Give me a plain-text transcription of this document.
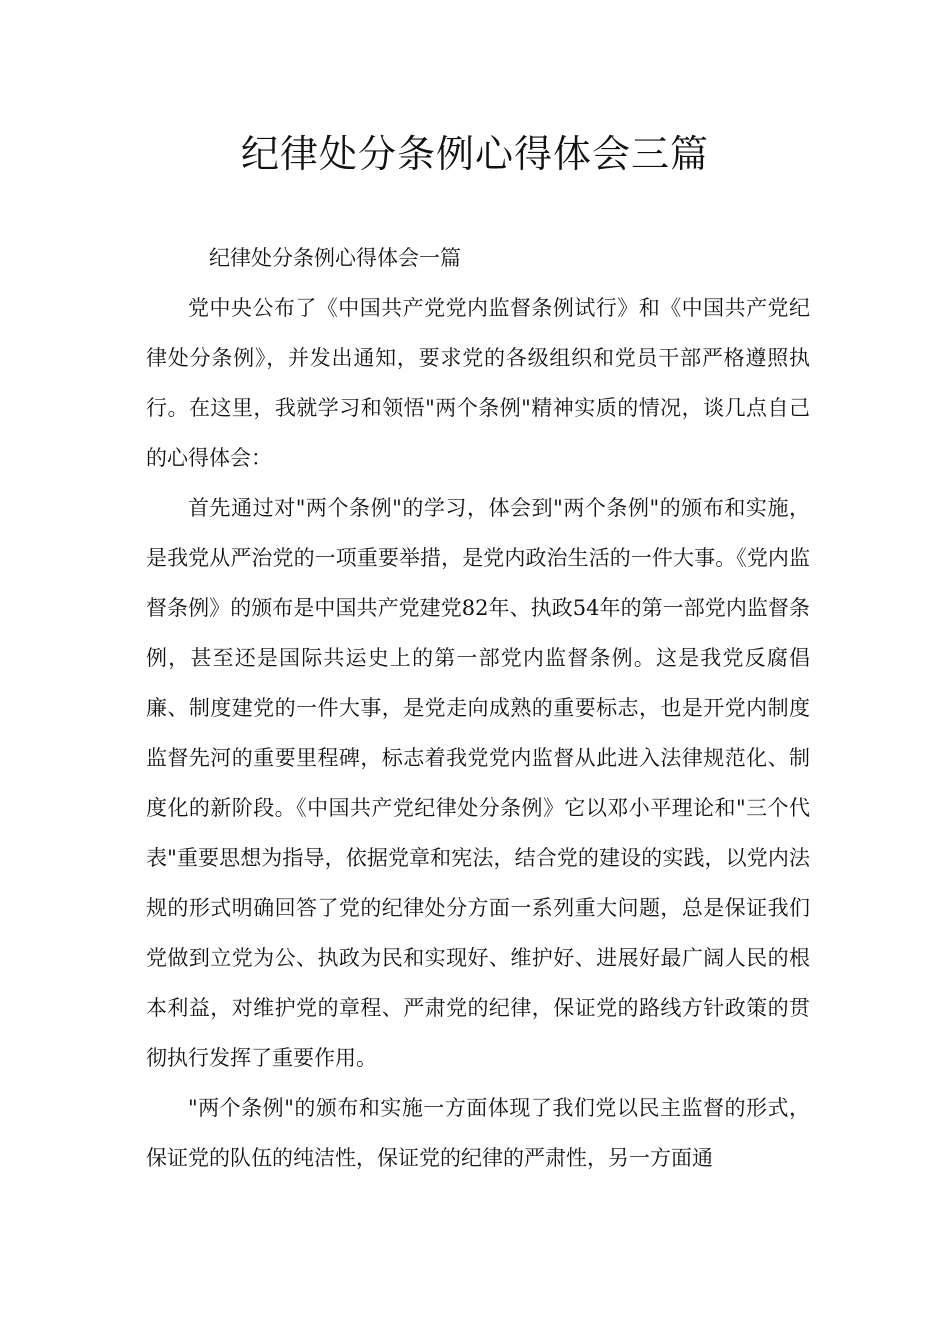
纪律处分条例心得体会三篇
纪律处分条例心得体会一篇

党中央公布了《中国共产党党内监督条例试行》和《中国共产党纪律处分条例》，并发出通知，要求党的各级组织和党员干部严格遵照执行。在这里，我就学习和领悟"两个条例"精神实质的情况，谈几点自己的心得体会：

首先通过对"两个条例"的学习，体会到"两个条例"的颁布和实施，是我党从严治党的一项重要举措，是党内政治生活的一件大事。《党内监督条例》的颁布是中国共产党建党82年、执政54年的第一部党内监督条例，甚至还是国际共运史上的第一部党内监督条例。这是我党反腐倡廉、制度建党的一件大事，是党走向成熟的重要标志，也是开党内制度监督先河的重要里程碑，标志着我党党内监督从此进入法律规范化、制度化的新阶段。《中国共产党纪律处分条例》它以邓小平理论和"三个代表"重要思想为指导，依据党章和宪法，结合党的建设的实践，以党内法规的形式明确回答了党的纪律处分方面一系列重大问题，总是保证我们党做到立党为公、执政为民和实现好、维护好、进展好最广阔人民的根本利益，对维护党的章程、严肃党的纪律，保证党的路线方针政策的贯彻执行发挥了重要作用。

"两个条例"的颁布和实施一方面体现了我们党以民主监督的形式，保证党的队伍的纯洁性，保证党的纪律的严肃性，另一方面通
